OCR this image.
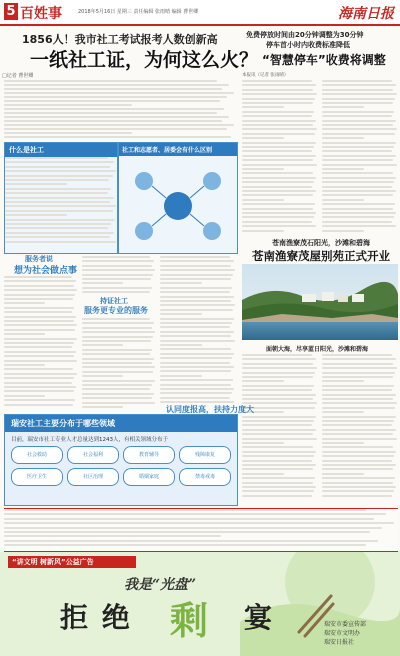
5 百姓事	2018年5月16日 星期三 责任编辑 张雨晴 编辑 曹世卿	海南日报
1856人！我市社工考试报考人数创新高
一纸社工证，为何这么火？
□记者 曹世卿
什么是社工	社工和志愿者、居委会有什么区别
服务者说
想为社会做点事
持证社工
服务更专业的服务
瑞安社工主要分布于哪些领域
目前，瑞安市社工专业人才总量达到1243人，有相关领域分布于
社会救助	社会福利	教育辅导	残障康复
医疗卫生	社区治理	婚姻家庭	禁毒戒毒
免费停放时间由20分钟调整为30分钟
停车首小时内收费标准降低
“智慧停车”收费将调整
本报讯（记者 张雨晴）
苍南渔寮茂石阳光，沙滩和碧海
苍南渔寮茂屋别苑正式开业
面朝大海，尽享蓝日阳光，沙滩和碧海
认同度报高，扶持力度大
“讲文明 树新风”公益广告
我是“光盘”
拒 绝 剩 宴	瑞安市委宣传部
瑞安市文明办
瑞安日报社
